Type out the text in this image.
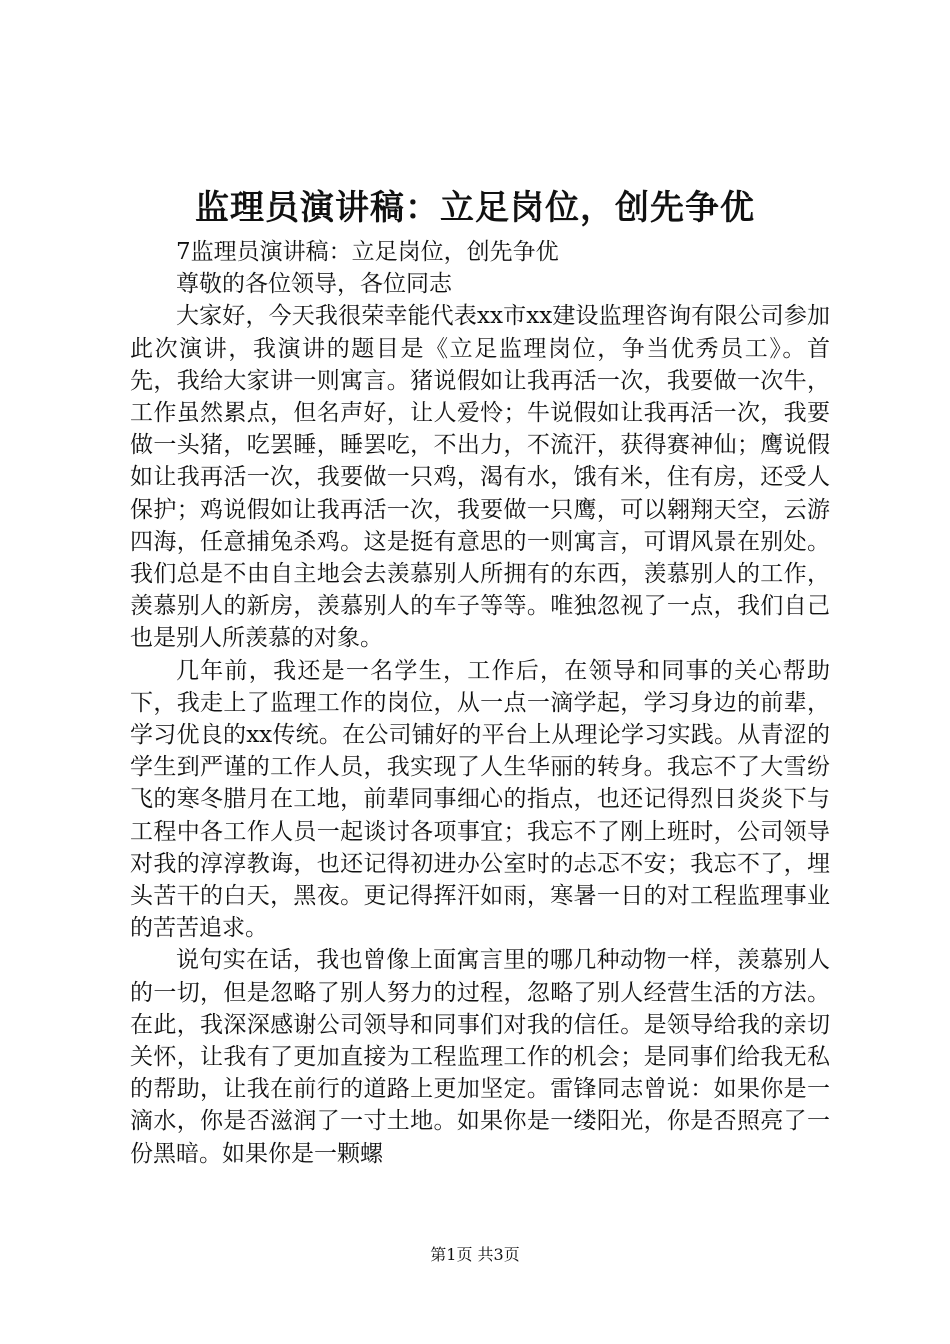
监理员演讲稿：立足岗位，创先争优

7监理员演讲稿：立足岗位，创先争优

尊敬的各位领导，各位同志

大家好，今天我很荣幸能代表xx市xx建设监理咨询有限公司参加此次演讲，我演讲的题目是《立足监理岗位，争当优秀员工》。首先，我给大家讲一则寓言。猪说假如让我再活一次，我要做一次牛，工作虽然累点，但名声好，让人爱怜；牛说假如让我再活一次，我要做一头猪，吃罢睡，睡罢吃，不出力，不流汗，获得赛神仙；鹰说假如让我再活一次，我要做一只鸡，渴有水，饿有米，住有房，还受人保护；鸡说假如让我再活一次，我要做一只鹰，可以翱翔天空，云游四海，任意捕兔杀鸡。这是挺有意思的一则寓言，可谓风景在别处。我们总是不由自主地会去羡慕别人所拥有的东西，羡慕别人的工作，羡慕别人的新房，羡慕别人的车子等等。唯独忽视了一点，我们自己也是别人所羡慕的对象。

几年前，我还是一名学生，工作后，在领导和同事的关心帮助下，我走上了监理工作的岗位，从一点一滴学起，学习身边的前辈，学习优良的xx传统。在公司铺好的平台上从理论学习实践。从青涩的学生到严谨的工作人员，我实现了人生华丽的转身。我忘不了大雪纷飞的寒冬腊月在工地，前辈同事细心的指点，也还记得烈日炎炎下与工程中各工作人员一起谈讨各项事宜；我忘不了刚上班时，公司领导对我的淳淳教诲，也还记得初进办公室时的忐忑不安；我忘不了，埋头苦干的白天，黑夜。更记得挥汗如雨，寒暑一日的对工程监理事业的苦苦追求。

说句实在话，我也曾像上面寓言里的哪几种动物一样，羡慕别人的一切，但是忽略了别人努力的过程，忽略了别人经营生活的方法。在此，我深深感谢公司领导和同事们对我的信任。是领导给我的亲切关怀，让我有了更加直接为工程监理工作的机会；是同事们给我无私的帮助，让我在前行的道路上更加坚定。雷锋同志曾说：如果你是一滴水，你是否滋润了一寸土地。如果你是一缕阳光，你是否照亮了一份黑暗。如果你是一颗螺

第1页 共3页
